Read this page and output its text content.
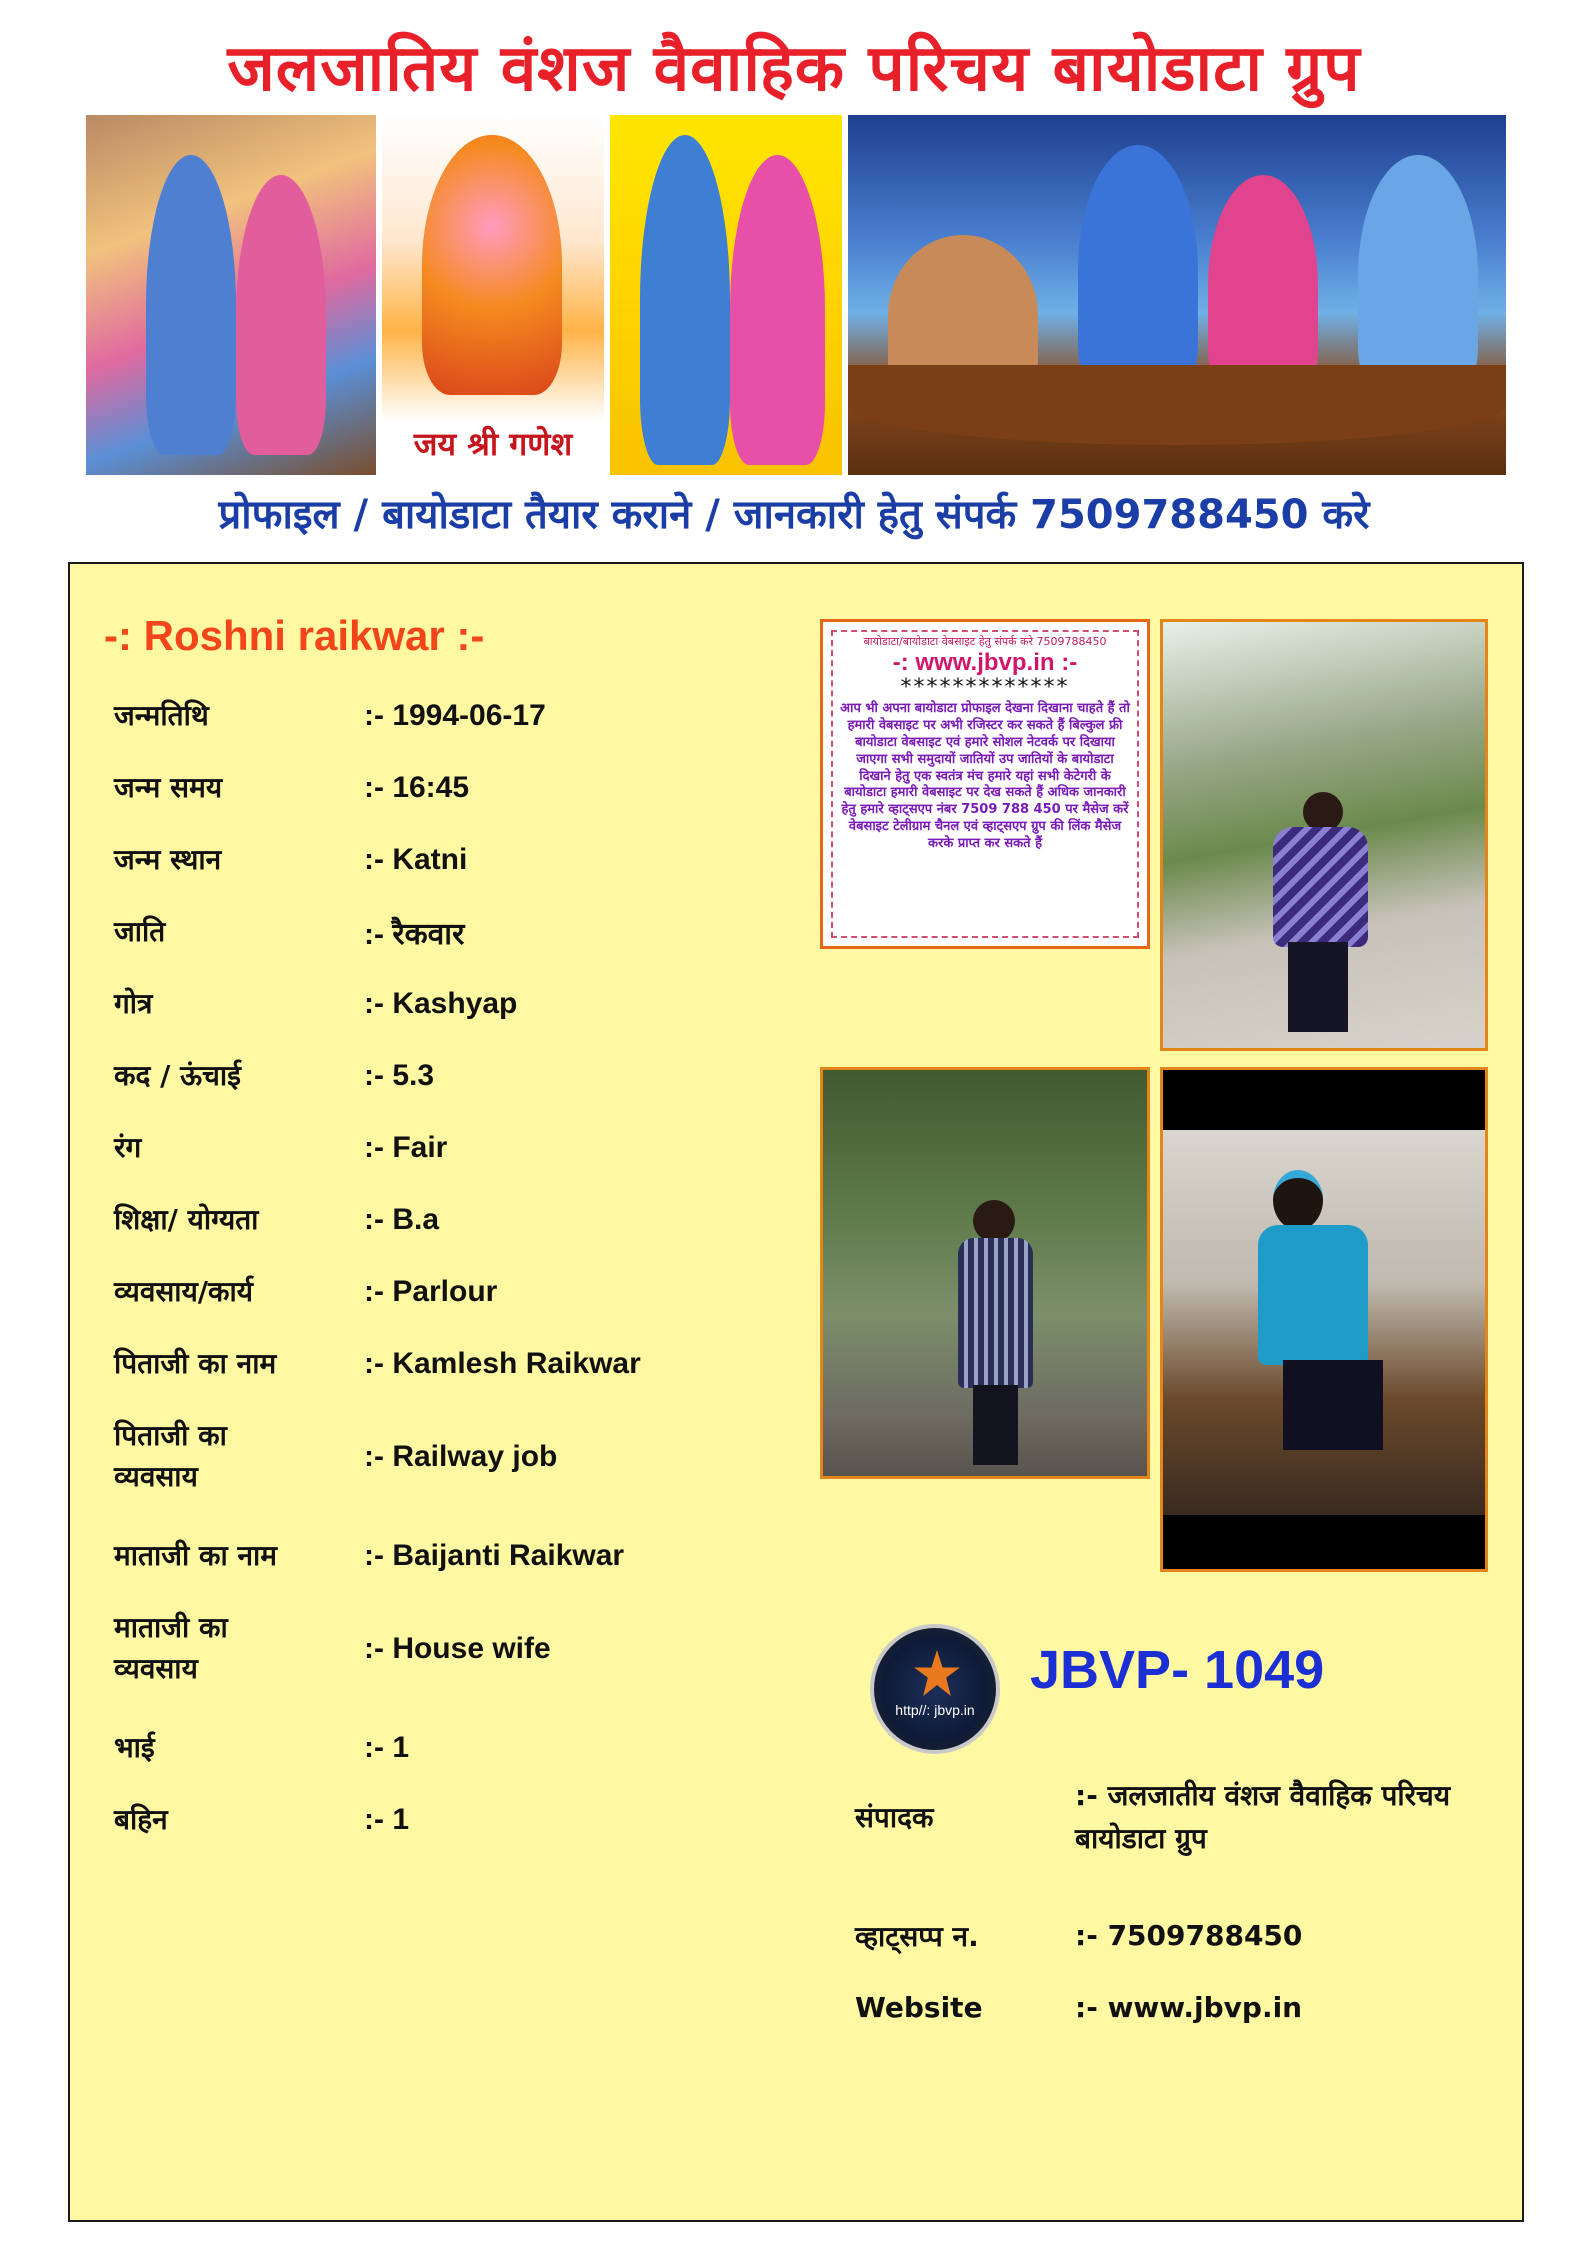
जलजातिय वंशज वैवाहिक परिचय बायोडाटा ग्रुप
जय श्री गणेश
प्रोफाइल / बायोडाटा तैयार कराने / जानकारी हेतु संपर्क 7509788450 करे
-: Roshni raikwar :-
जन्मतिथि	:- 1994-06-17
जन्म समय	:- 16:45
जन्म स्थान	:- Katni
जाति	:- रैकवार
गोत्र	:- Kashyap
कद / ऊंचाई	:- 5.3
रंग	:- Fair
शिक्षा/ योग्यता	:- B.a
व्यवसाय/कार्य	:- Parlour
पिताजी का नाम	:- Kamlesh Raikwar
पिताजी का व्यवसाय
:- Railway job
माताजी का नाम	:- Baijanti Raikwar
माताजी का व्यवसाय
:- House wife
भाई	:- 1
बहिन	:- 1
बायोडाटा/बायोडाटा वेबसाइट हेतु संपर्क करे 7509788450
-: www.jbvp.in :-
*************
आप भी अपना बायोडाटा प्रोफाइल देखना दिखाना चाहते हैं तो हमारी वेबसाइट पर अभी रजिस्टर कर सकते हैं बिल्कुल फ्री बायोडाटा वेबसाइट एवं हमारे सोशल नेटवर्क पर दिखाया जाएगा सभी समुदायों जातियों उप जातियों के बायोडाटा दिखाने हेतु एक स्वतंत्र मंच हमारे यहां सभी केटेगरी के बायोडाटा हमारी वेबसाइट पर देख सकते हैं अधिक जानकारी हेतु हमारे व्हाट्सएप नंबर 7509 788 450 पर मैसेज करें वेबसाइट टेलीग्राम चैनल एवं व्हाट्सएप ग्रुप की लिंक मैसेज करके प्राप्त कर सकते हैं
http//: jbvp.in
JBVP- 1049
संपादक
:- जलजातीय वंशज वैवाहिक परिचय बायोडाटा ग्रुप
व्हाट्सप्प न.	:- 7509788450
Website	:- www.jbvp.in
